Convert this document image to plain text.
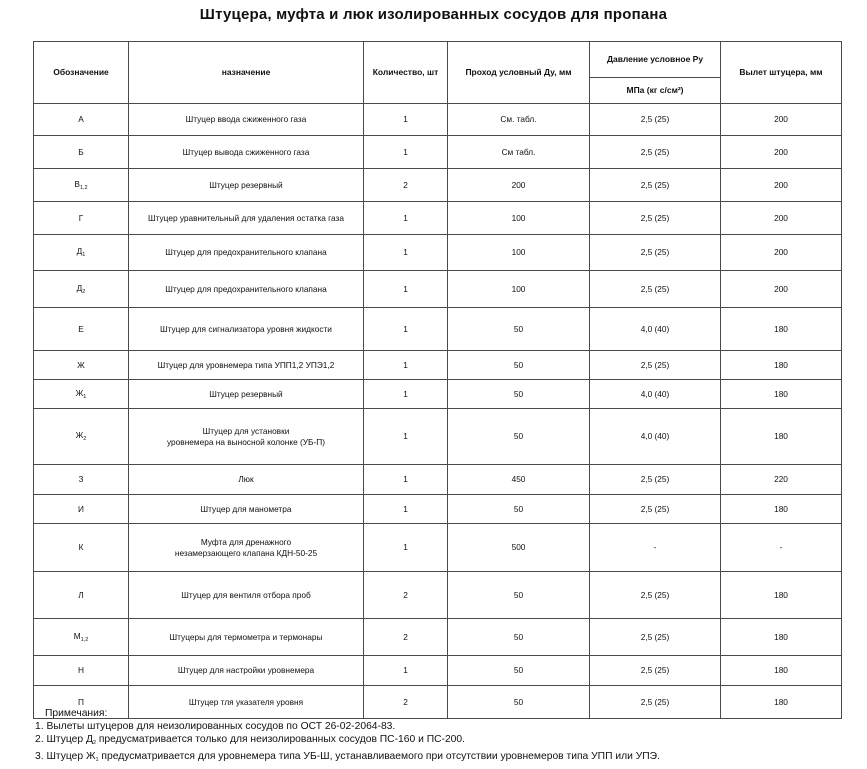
Штуцера, муфта и люк изолированных сосудов для пропана
Обозначение	назначение	Количество, шт	Проход условный Ду, мм	Давление условное Ру	Вылет штуцера, мм
				МПа (кг с/см²)	
А	Штуцер ввода сжиженного газа	1	См. табл.	2,5 (25)	200
Б	Штуцер вывода сжиженного газа	1	См табл.	2,5 (25)	200
$В_{1,2}$	Штуцер резервный	2	200	2,5 (25)	200
Г	Штуцер уравнительный для удаления остатка газа	1	100	2,5 (25)	200
$Д_1$	Штуцер для предохранительного клапана	1	100	2,5 (25)	200
$Д_2$	Штуцер для предохранительного клапана	1	100	2,5 (25)	200
Е	Штуцер для сигнализатора уровня жидкости	1	50	4,0 (40)	180
Ж	Штуцер для уровнемера типа УПП1,2 УПЭ1,2	1	50	2,5 (25)	180
$Ж_1$	Штуцер резервный	1	50	4,0 (40)	180
$Ж_2$	Штуцер для установки
уровнемера на выносной колонке (УБ-П)	1	50	4,0 (40)	180
З	Люк	1	450	2,5 (25)	220
И	Штуцер для манометра	1	50	2,5 (25)	180
К	Муфта для дренажного
незамерзающего клапана КДН-50-25	1	500	-	-
Л	Штуцер для вентиля отбора проб	2	50	2,5 (25)	180
$М_{1,2}$	Штуцеры для термометра и термонары	2	50	2,5 (25)	180
Н	Штуцер для настройки уровнемера	1	50	2,5 (25)	180
П	Штуцер тля указателя уровня	2	50	2,5 (25)	180
Примечания:
1. Вылеты штуцеров для неизолированных сосудов по ОСТ 26-02-2064-83.
2. Штуцер $Д_2$ предусматривается только для неизолированных сосудов ПС-160 и ПС-200.
3. Штуцер $Ж_1$ предусматривается для уровнемера типа УБ-Ш, устанавливаемого при отсутствии уровнемеров типа УПП или УПЭ.
